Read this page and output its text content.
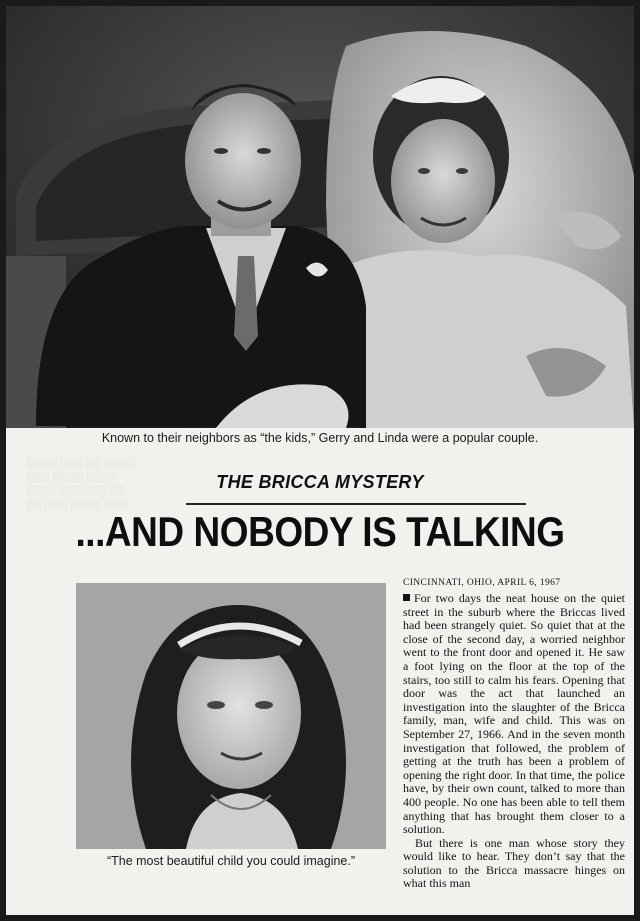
Known to their neighbors as “the kids,” Gerry and Linda were a popular couple.
▒▒▒▒ ▒▒▒ ▒▒ ▒▒▒▒
▒▒▒ ▒▒▒▒ ▒▒▒▒
▒▒▒▒ ▒▒▒▒▒▒ ▒▒
▒▒ ▒▒▒ ▒▒▒▒ ▒▒▒
THE BRICCA MYSTERY
...AND NOBODY IS TALKING
“The most beautiful child you could imagine.”
CINCINNATI, OHIO, APRIL 6, 1967

For two days the neat house on the quiet street in the suburb where the Briccas lived had been strangely quiet. So quiet that at the close of the second day, a worried neighbor went to the front door and opened it. He saw a foot lying on the floor at the top of the stairs, too still to calm his fears. Opening that door was the act that launched an investigation into the slaughter of the Bricca family, man, wife and child. This was on September 27, 1966. And in the seven month investigation that followed, the problem of getting at the truth has been a problem of opening the right door. In that time, the police have, by their own count, talked to more than 400 people. No one has been able to tell them anything that has brought them closer to a solution.

But there is one man whose story they would like to hear. They don’t say that the solution to the Bricca massacre hinges on what this man
